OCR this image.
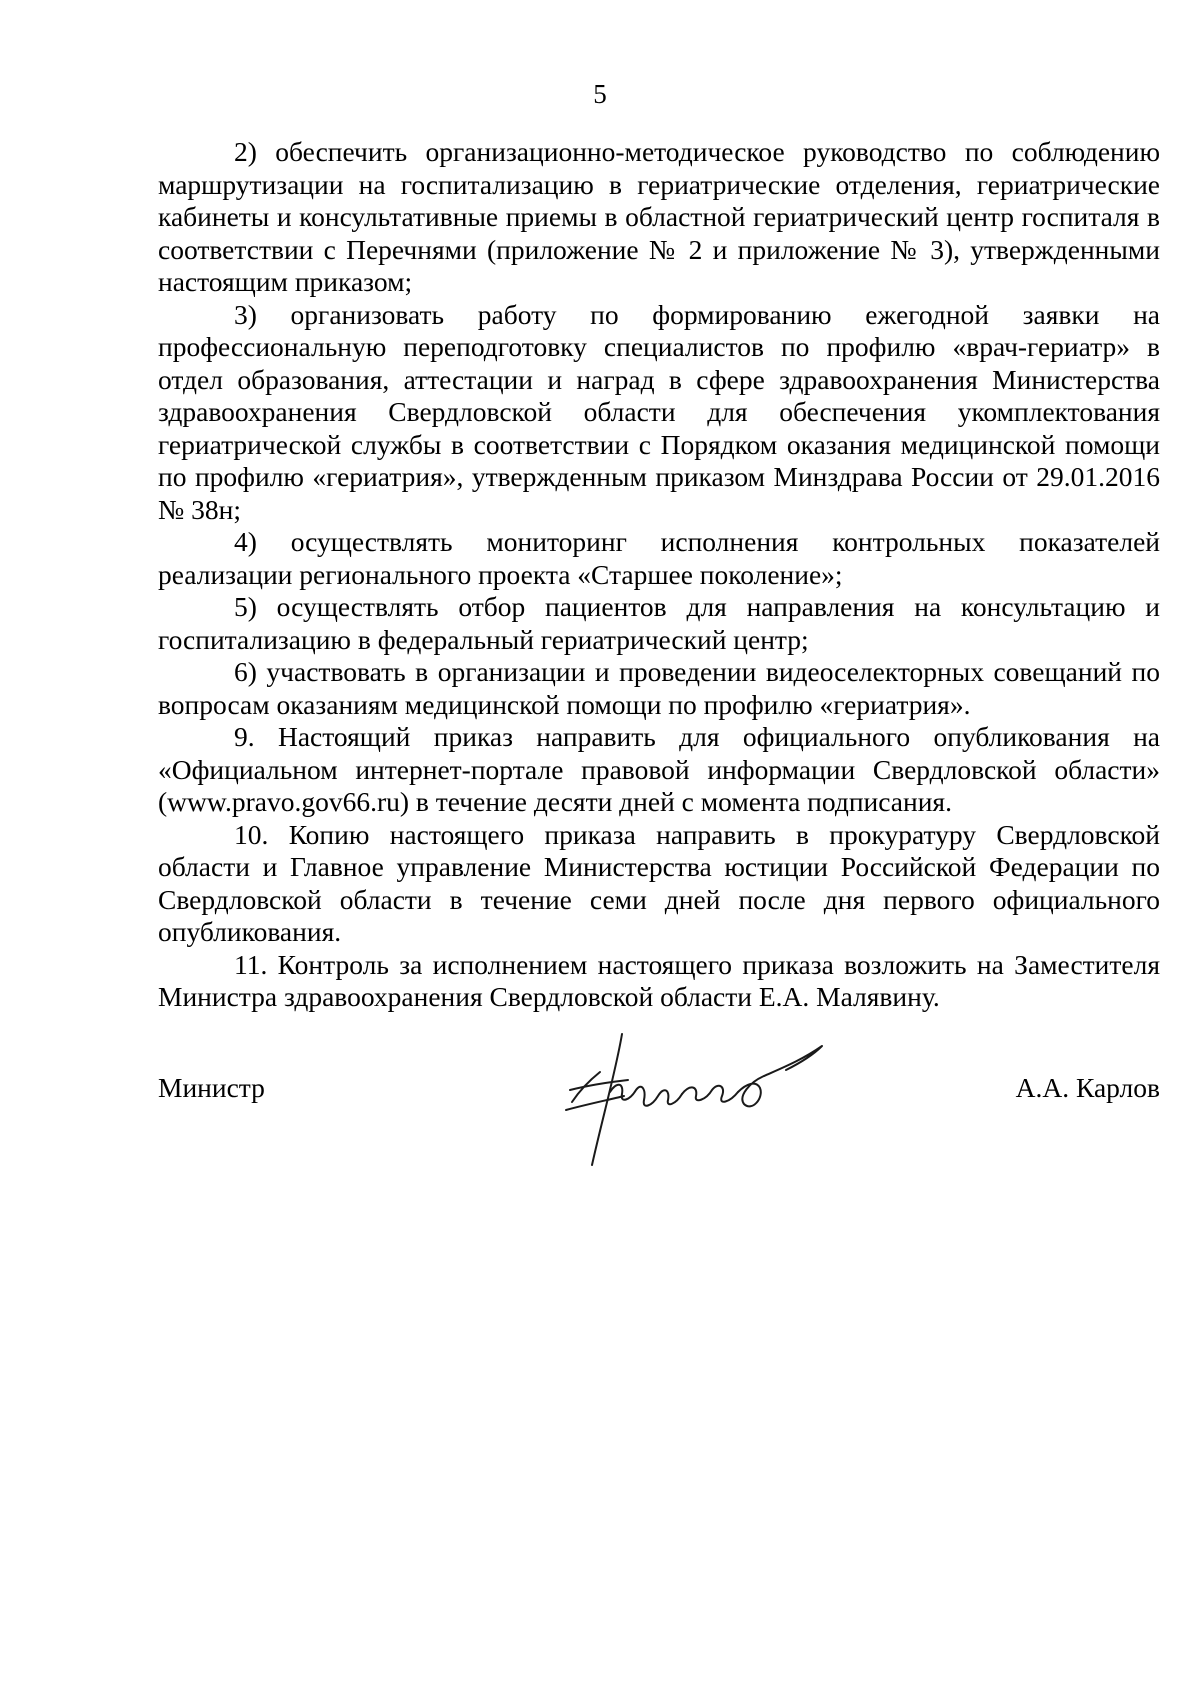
5

2) обеспечить организационно-методическое руководство по соблюдению маршрутизации на госпитализацию в гериатрические отделения, гериатрические кабинеты и консультативные приемы в областной гериатрический центр госпиталя в соответствии с Перечнями (приложение № 2 и приложение № 3), утвержденными настоящим приказом;

3) организовать работу по формированию ежегодной заявки на профессиональную переподготовку специалистов по профилю «врач-гериатр» в отдел образования, аттестации и наград в сфере здравоохранения Министерства здравоохранения Свердловской области для обеспечения укомплектования гериатрической службы в соответствии с Порядком оказания медицинской помощи по профилю «гериатрия», утвержденным приказом Минздрава России от 29.01.2016 № 38н;

4) осуществлять мониторинг исполнения контрольных показателей реализации регионального проекта «Старшее поколение»;

5) осуществлять отбор пациентов для направления на консультацию и госпитализацию в федеральный гериатрический центр;

6) участвовать в организации и проведении видеоселекторных совещаний по вопросам оказаниям медицинской помощи по профилю «гериатрия».

9. Настоящий приказ направить для официального опубликования на «Официальном интернет-портале правовой информации Свердловской области» (www.pravo.gov66.ru) в течение десяти дней с момента подписания.

10. Копию настоящего приказа направить в прокуратуру Свердловской области и Главное управление Министерства юстиции Российской Федерации по Свердловской области в течение семи дней после дня первого официального опубликования.

11. Контроль за исполнением настоящего приказа возложить на Заместителя Министра здравоохранения Свердловской области Е.А. Малявину.

Министр	А.А. Карлов
